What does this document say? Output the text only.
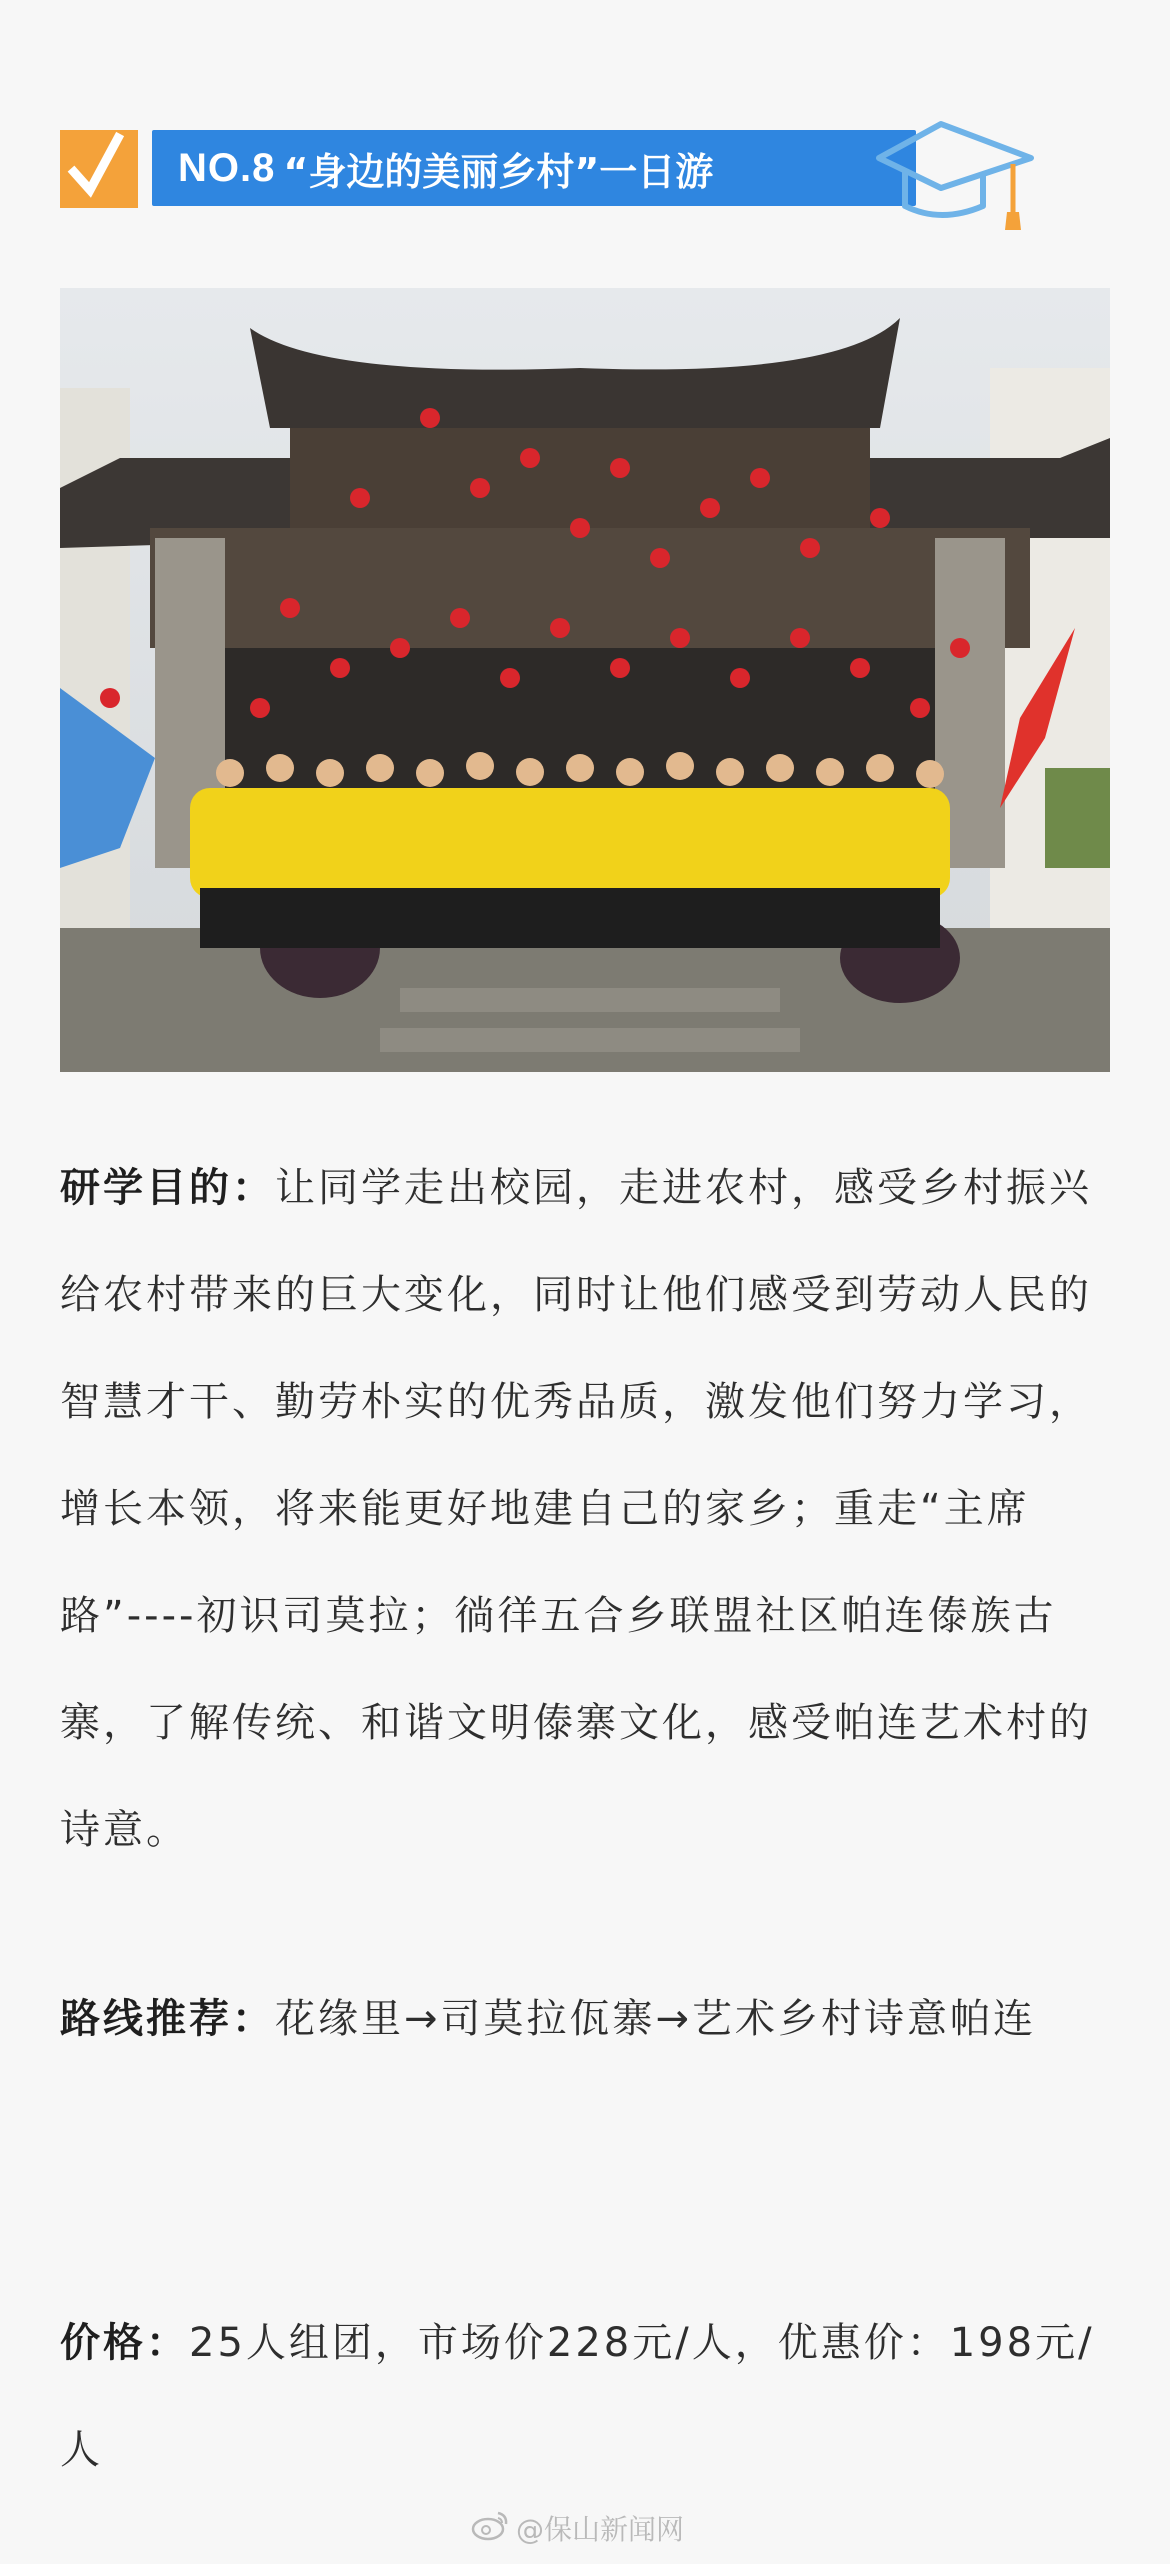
NO.8 “身边的美丽乡村”一日游
研学目的：让同学走出校园，走进农村，感受乡村振兴给农村带来的巨大变化，同时让他们感受到劳动人民的智慧才干、勤劳朴实的优秀品质，激发他们努力学习，增长本领，将来能更好地建自己的家乡；重走“主席路”----初识司莫拉；徜徉五合乡联盟社区帕连傣族古寨，了解传统、和谐文明傣寨文化，感受帕连艺术村的诗意。
路线推荐：花缘里→司莫拉佤寨→艺术乡村诗意帕连
价格：25人组团，市场价228元/人，优惠价：198元/人
@保山新闻网
